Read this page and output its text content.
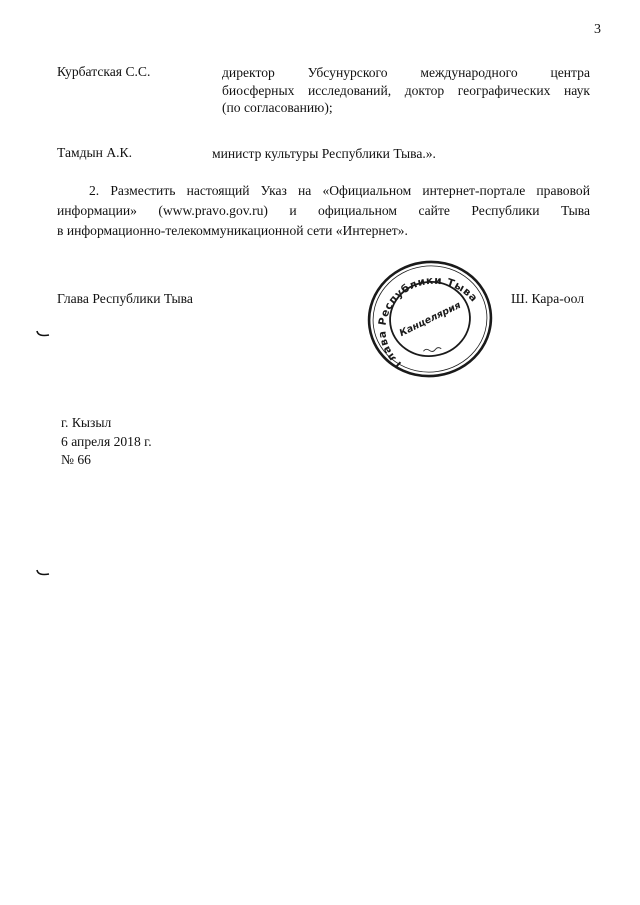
3
Курбатская С.С.	директор Убсунурского международного центра
биосферных исследований, доктор географических наук
(по согласованию);
Тамдын А.К.	министр культуры Республики Тыва.».
2. Разместить настоящий Указ на «Официальном интернет-портале правовой
информации» (www.pravo.gov.ru) и официальном сайте Республики Тыва
в информационно-телекоммуникационной сети «Интернет».
Глава Республики Тыва	Ш. Кара-оол
Глава Республики Тыва
Канцелярия
г. Кызыл
6 апреля 2018 г.
№ 66
